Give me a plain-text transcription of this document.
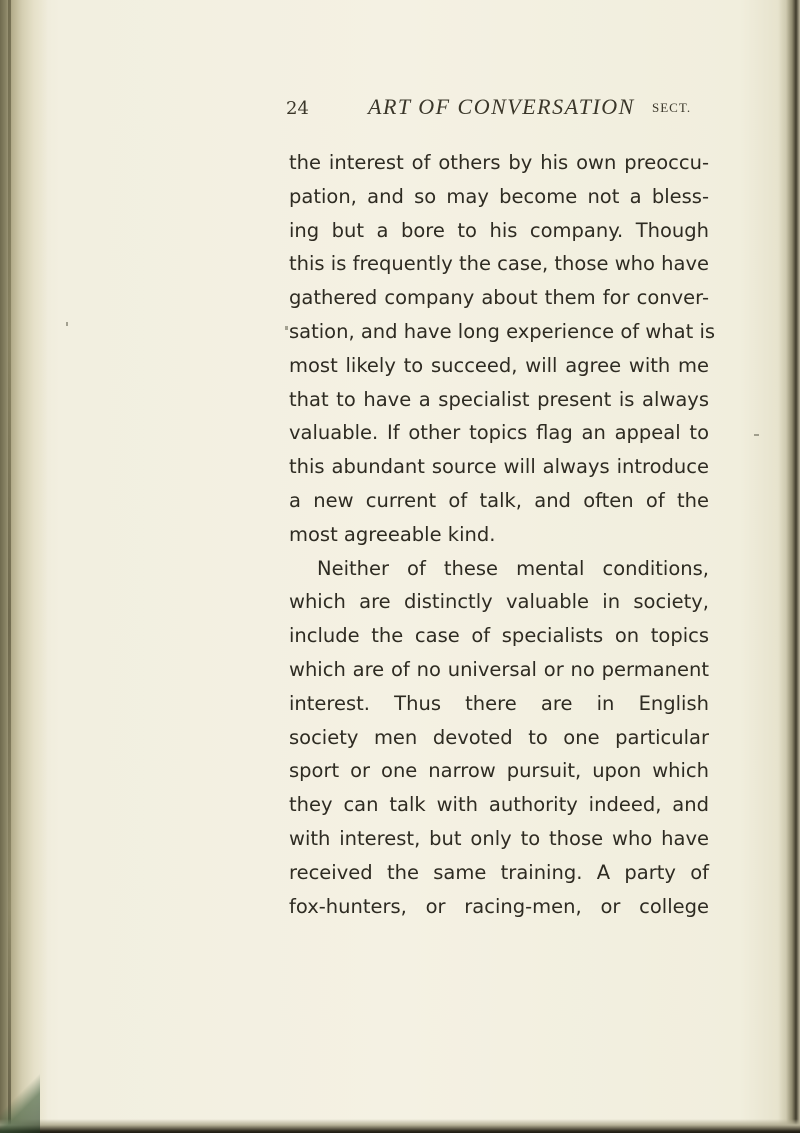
24	ART OF CONVERSATION SECT.
the interest of others by his own preoccu-
pation, and so may become not a bless-
ing but a bore to his company. Though
this is frequently the case, those who have
gathered company about them for conver-
sation, and have long experience of what is
most likely to succeed, will agree with me
that to have a specialist present is always
valuable. If other topics flag an appeal to
this abundant source will always introduce
a new current of talk, and often of the
most agreeable kind.
Neither of these mental conditions,
which are distinctly valuable in society,
include the case of specialists on topics
which are of no universal or no permanent
interest. Thus there are in English
society men devoted to one particular
sport or one narrow pursuit, upon which
they can talk with authority indeed, and
with interest, but only to those who have
received the same training. A party of
fox-hunters, or racing-men, or college
